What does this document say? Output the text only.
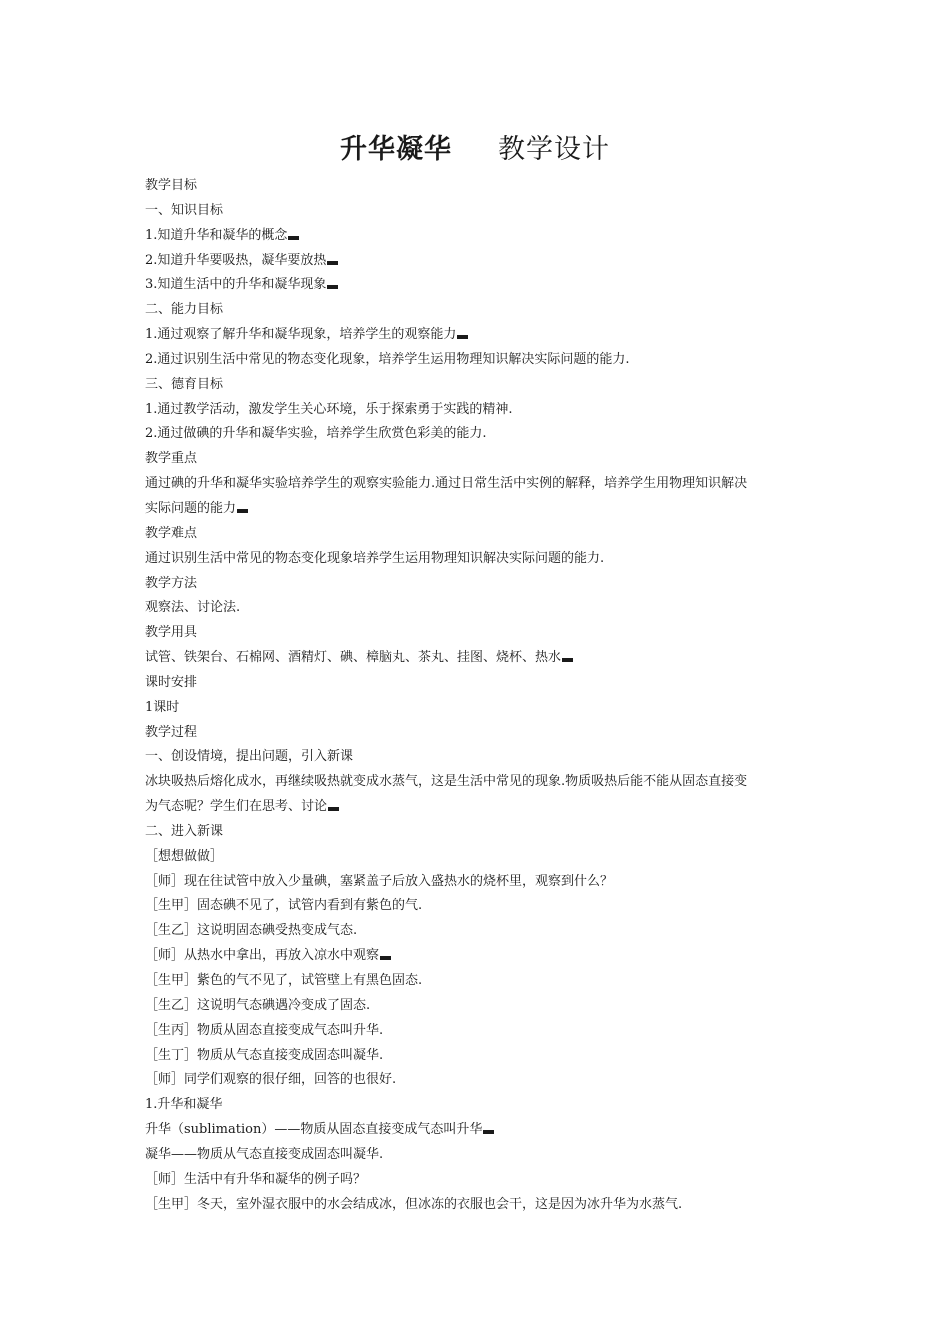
升华凝华 教学设计
教学目标
一、知识目标
1.知道升华和凝华的概念
2.知道升华要吸热，凝华要放热
3.知道生活中的升华和凝华现象
二、能力目标
1.通过观察了解升华和凝华现象，培养学生的观察能力
2.通过识别生活中常见的物态变化现象，培养学生运用物理知识解决实际问题的能力.
三、德育目标
1.通过教学活动，激发学生关心环境，乐于探索勇于实践的精神.
2.通过做碘的升华和凝华实验，培养学生欣赏色彩美的能力.
教学重点
通过碘的升华和凝华实验培养学生的观察实验能力.通过日常生活中实例的解释，培养学生用物理知识解决
实际问题的能力
教学难点
通过识别生活中常见的物态变化现象培养学生运用物理知识解决实际问题的能力.
教学方法
观察法、讨论法.
教学用具
试管、铁架台、石棉网、酒精灯、碘、樟脑丸、茶丸、挂图、烧杯、热水
课时安排
1课时
教学过程
一、创设情境，提出问题，引入新课
冰块吸热后熔化成水，再继续吸热就变成水蒸气，这是生活中常见的现象.物质吸热后能不能从固态直接变
为气态呢？学生们在思考、讨论
二、进入新课
［想想做做］
［师］现在往试管中放入少量碘，塞紧盖子后放入盛热水的烧杯里，观察到什么？
［生甲］固态碘不见了，试管内看到有紫色的气.
［生乙］这说明固态碘受热变成气态.
［师］从热水中拿出，再放入凉水中观察
［生甲］紫色的气不见了，试管壁上有黑色固态.
［生乙］这说明气态碘遇冷变成了固态.
［生丙］物质从固态直接变成气态叫升华.
［生丁］物质从气态直接变成固态叫凝华.
［师］同学们观察的很仔细，回答的也很好.
1.升华和凝华
升华（sublimation）——物质从固态直接变成气态叫升华
凝华——物质从气态直接变成固态叫凝华.
［师］生活中有升华和凝华的例子吗？
［生甲］冬天，室外湿衣服中的水会结成冰，但冰冻的衣服也会干，这是因为冰升华为水蒸气.
